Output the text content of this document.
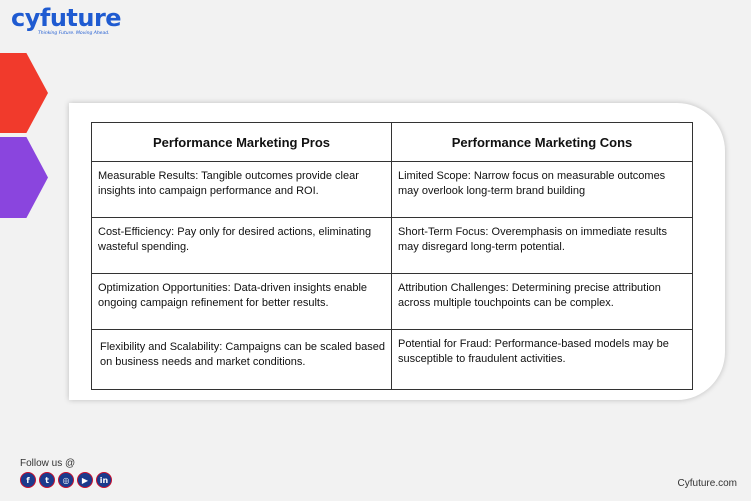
cyfuture
Thinking Future. Moving Ahead.
Performance Marketing Pros	Performance Marketing Cons
Measurable Results: Tangible outcomes provide clear insights into campaign performance and ROI.	Limited Scope: Narrow focus on measurable outcomes may overlook long-term brand building
Cost-Efficiency: Pay only for desired actions, eliminating wasteful spending.	Short-Term Focus: Overemphasis on immediate results may disregard long-term potential.
Optimization Opportunities: Data-driven insights enable ongoing campaign refinement for better results.	Attribution Challenges: Determining precise attribution across multiple touchpoints can be complex.
Flexibility and Scalability: Campaigns can be scaled based on business needs and market conditions.	Potential for Fraud: Performance-based models may be susceptible to fraudulent activities.
Follow us @
f	t	◎	▶	in	Cyfuture.com
